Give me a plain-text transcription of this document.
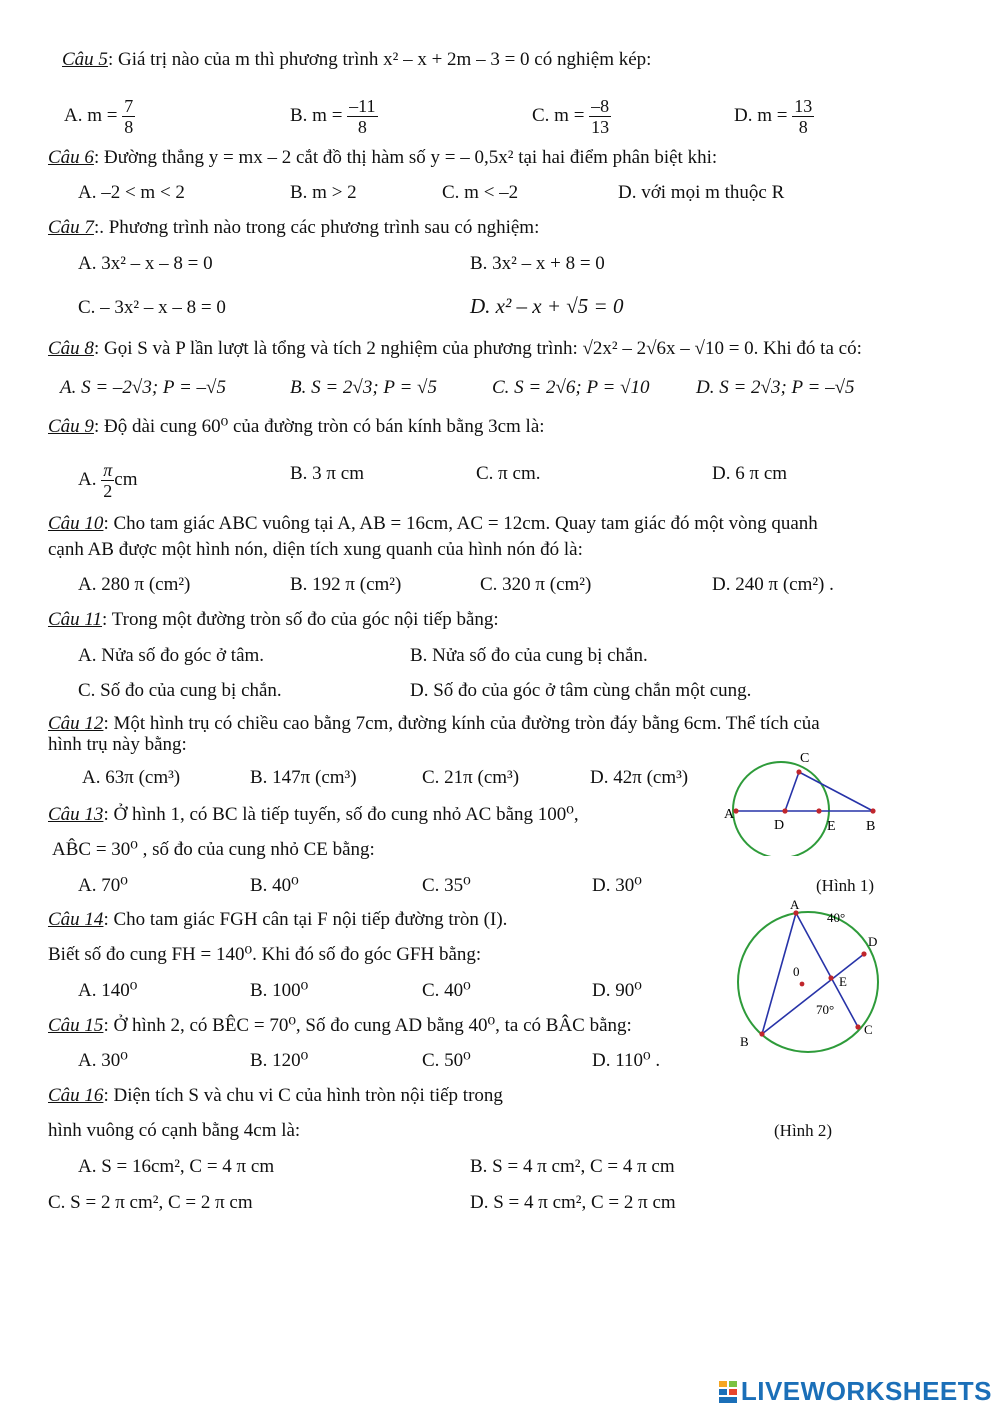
Câu 5: Giá trị nào của m thì phương trình x² – x + 2m – 3 = 0 có nghiệm kép:
A. $m = \frac{7}{8}$	B. $m = \frac{-11}{8}$	C. $m = \frac{-8}{13}$	D. $m = \frac{13}{8}$
Câu 6: Đường thẳng y = mx – 2 cắt đồ thị hàm số y = – 0,5x² tại hai điểm phân biệt khi:
A. –2 < m < 2	B. m > 2	C. m < –2	D. với mọi m thuộc R
Câu 7:. Phương trình nào trong các phương trình sau có nghiệm:
A. 3x² – x – 8 = 0	B. 3x² – x + 8 = 0
C. – 3x² – x – 8 = 0	D. x² – x + √5 = 0
Câu 8: Gọi S và P lần lượt là tổng và tích 2 nghiệm của phương trình: √2x² – 2√6x – √10 = 0. Khi đó ta có:
A. S = –2√3; P = –√5	B. S = 2√3; P = √5	C. S = 2√6; P = √10 D. S = 2√3; P = –√5
Câu 9: Độ dài cung 60⁰ của đường tròn có bán kính bằng 3cm là:
A. $\frac{\pi}{2}$ cm	B. 3 π cm	C. π cm.	D. 6 π cm
Câu 10: Cho tam giác ABC vuông tại A, AB = 16cm, AC = 12cm. Quay tam giác đó một vòng quanh
cạnh AB được một hình nón, diện tích xung quanh của hình nón đó là:
A. 280 π (cm²)	B. 192 π (cm²)	C. 320 π (cm²)	D. 240 π (cm²) .
Câu 11: Trong một đường tròn số đo của góc nội tiếp bằng:
A. Nửa số đo góc ở tâm.	B. Nửa số đo của cung bị chắn.
C. Số đo của cung bị chắn.	D. Số đo của góc ở tâm cùng chắn một cung.
Câu 12: Một hình trụ có chiều cao bằng 7cm, đường kính của đường tròn đáy bằng 6cm. Thể tích của
hình trụ này bằng:
A. 63π (cm³)	B. 147π (cm³)	C. 21π (cm³)	D. 42π (cm³)
Câu 13: Ở hình 1, có BC là tiếp tuyến, số đo cung nhỏ AC bằng 100⁰,
AB̂C = 30⁰ , số đo của cung nhỏ CE bằng:
A. 70⁰	B. 40⁰	C. 35⁰	D. 30⁰
Câu 14: Cho tam giác FGH cân tại F nội tiếp đường tròn (I).
Biết số đo cung FH = 140⁰. Khi đó số đo góc GFH bằng:
A. 140⁰	B. 100⁰	C. 40⁰	D. 90⁰
Câu 15: Ở hình 2, có BÊC = 70⁰, Số đo cung AD bằng 40⁰, ta có BÂC bằng:
A. 30⁰	B. 120⁰	C. 50⁰	D. 110⁰ .
Câu 16: Diện tích S và chu vi C của hình tròn nội tiếp trong
hình vuông có cạnh bằng 4cm là:
A. S = 16cm², C = 4 π cm	B. S = 4 π cm², C = 4 π cm
C. S = 2 π cm², C = 2 π cm	D. S = 4 π cm², C = 2 π cm
C
A
D	E B
(Hình 1)
A
40°
D
0
E
70°
B
C
(Hình 2)
LIVEWORKSHEETS
